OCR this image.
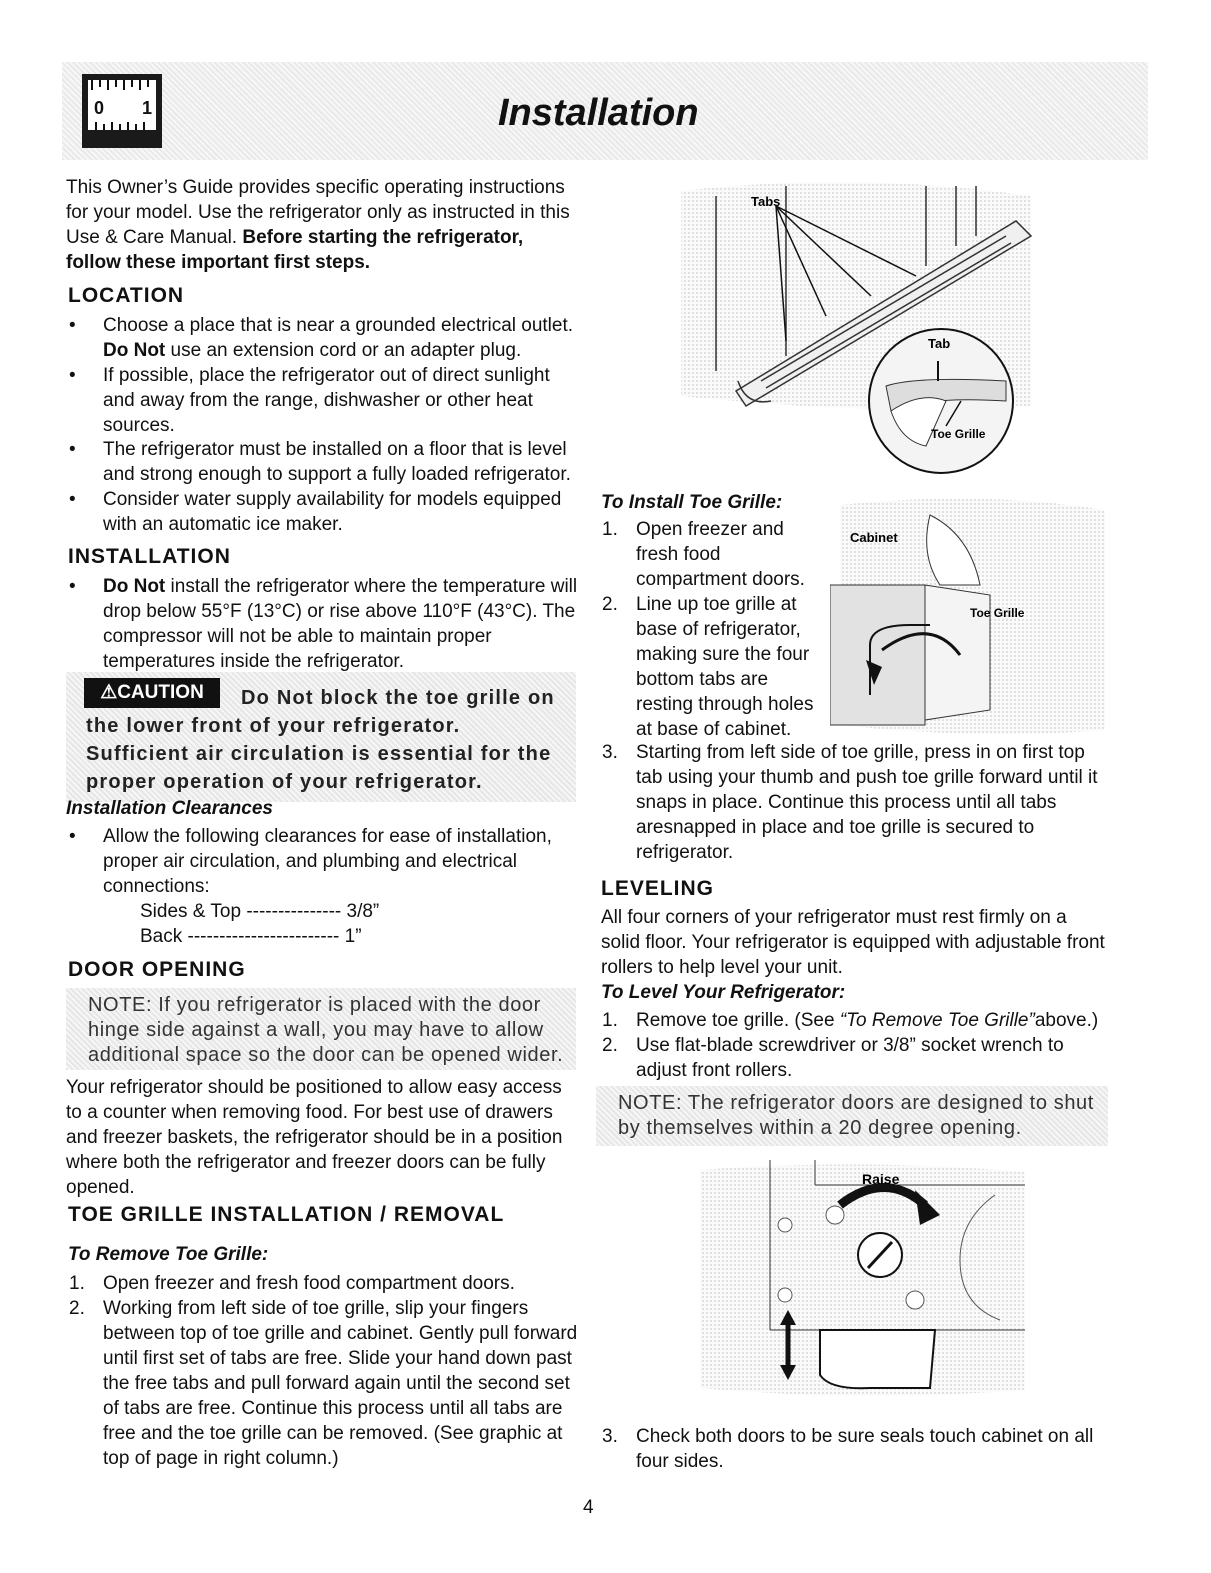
0 1	Installation
This Owner’s Guide provides specific operating instructions for your model. Use the refrigerator only as instructed in this Use & Care Manual. Before starting the refrigerator, follow these important first steps.
LOCATION
• Choose a place that is near a grounded electrical outlet. Do Not use an extension cord or an adapter plug.
• If possible, place the refrigerator out of direct sunlight and away from the range, dishwasher or other heat sources.
• The refrigerator must be installed on a floor that is level and strong enough to support a fully loaded refrigerator.
• Consider water supply availability for models equipped with an automatic ice maker.
INSTALLATION
• Do Not install the refrigerator where the temperature will drop below 55°F (13°C) or rise above 110°F (43°C). The compressor will not be able to maintain proper temperatures inside the refrigerator.
Do Not block the toe grille on the lower front of your refrigerator. Sufficient air circulation is essential for the proper operation of your refrigerator.
⚠CAUTION
Installation Clearances
• Allow the following clearances for ease of installation, proper air circulation, and plumbing and electrical connections:
Sides & Top --------------- 3/8”
Back ------------------------ 1”
DOOR OPENING
NOTE: If you refrigerator is placed with the door hinge side against a wall, you may have to allow additional space so the door can be opened wider.
Your refrigerator should be positioned to allow easy access to a counter when removing food. For best use of drawers and freezer baskets, the refrigerator should be in a position where both the refrigerator and freezer doors can be fully opened.
TOE GRILLE INSTALLATION / REMOVAL
To Remove Toe Grille:
1. Open freezer and fresh food compartment doors.
2. Working from left side of toe grille, slip your fingers between top of toe grille and cabinet. Gently pull forward until first set of tabs are free. Slide your hand down past the free tabs and pull forward again until the second set of tabs are free. Continue this process until all tabs are free and the toe grille can be removed. (See graphic at top of page in right column.)
Tabs
Tab
Toe Grille
To Install Toe Grille:
1. Open freezer and fresh food compartment doors.
2. Line up toe grille at base of refrigerator, making sure the four bottom tabs are resting through holes at base of cabinet.
3. Starting from left side of toe grille, press in on first top tab using your thumb and push toe grille forward until it snaps in place. Continue this process until all tabs aresnapped in place and toe grille is secured to refrigerator.
Cabinet
Toe Grille
LEVELING
All four corners of your refrigerator must rest firmly on a solid floor. Your refrigerator is equipped with adjustable front rollers to help level your unit.
To Level Your Refrigerator:
1. Remove toe grille. (See “To Remove Toe Grille”above.)
2. Use flat-blade screwdriver or 3/8” socket wrench to adjust front rollers.
NOTE: The refrigerator doors are designed to shut by themselves within a 20 degree opening.
Raise
3. Check both doors to be sure seals touch cabinet on all four sides.
4
